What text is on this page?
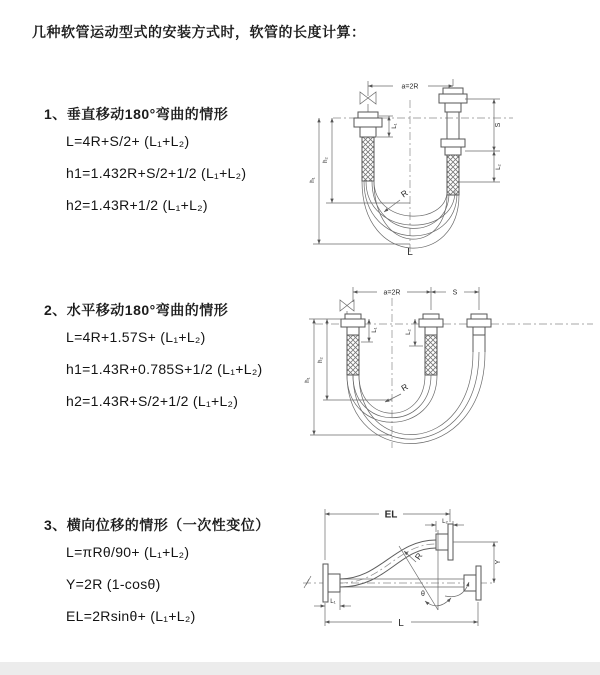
几种软管运动型式的安装方式时，软管的长度计算：
1、垂直移动180°弯曲的情形

L=4R+S/2+ (L₁+L₂)

h1=1.432R+S/2+1/2 (L₁+L₂)

h2=1.43R+1/2 (L₁+L₂)

2、水平移动180°弯曲的情形

L=4R+1.57S+ (L₁+L₂)

h1=1.43R+0.785S+1/2 (L₁+L₂)

h2=1.43R+S/2+1/2 (L₁+L₂)

3、横向位移的情形（一次性变位）

L=πRθ/90+ (L₁+L₂)

Y=2R (1-cosθ)

EL=2Rsinθ+ (L₁+L₂)

a=2R
S
L₂
L₁
h₂
h₁
R
L
a=2R	S
h₂
h₁
L₁	L₂
R
EL
L₂
θ
R
Y
L₁
L
